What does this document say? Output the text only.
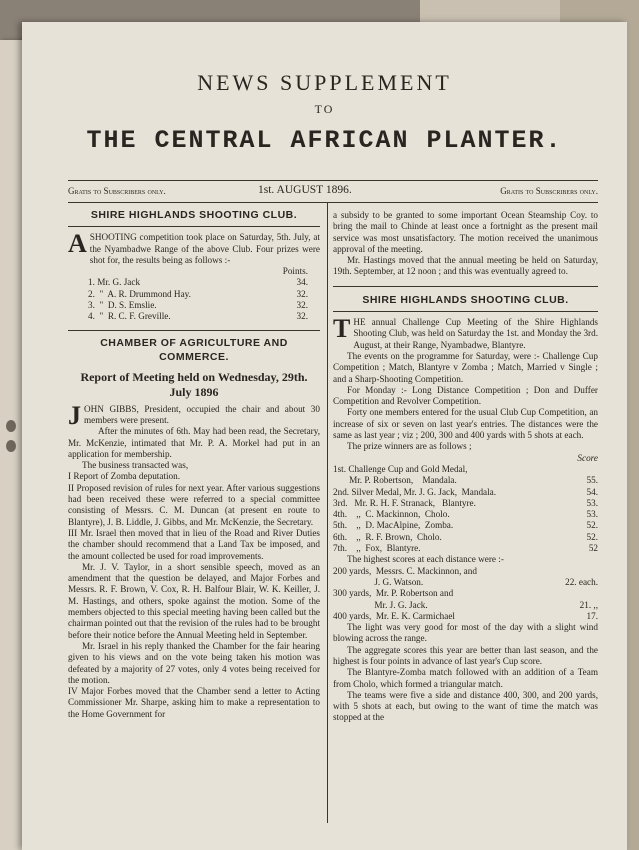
NEWS SUPPLEMENT
TO
THE CENTRAL AFRICAN PLANTER.
Gratis to Subscribers only.	1st. AUGUST 1896.	Gratis to Subscribers only.
SHIRE HIGHLANDS SHOOTING CLUB.

ASHOOTING competition took place on Saturday, 5th. July, at the Nyambadwe Range of the above Club. Four prizes were shot for, the results being as follows :-

Points.
1. Mr. G. Jack	34.
2.  "  A. R. Drummond Hay.	32.
3.  "  D. S. Emslie.	32.
4.  "  R. C. F. Greville.	32.
CHAMBER OF AGRICULTURE AND COMMERCE.
Report of Meeting held on Wednesday, 29th. July 1896

JOHN GIBBS, President, occupied the chair and about 30 members were present.

After the minutes of 6th. May had been read, the Secretary, Mr. McKenzie, intimated that Mr. P. A. Morkel had put in an application for membership.

The business transacted was,

I Report of Zomba deputation.

II Proposed revision of rules for next year. After various suggestions had been received these were referred to a special committee consisting of Messrs. C. M. Duncan (at present en route to Blantyre), J. B. Liddle, J. Gibbs, and Mr. McKenzie, the Secretary.

III Mr. Israel then moved that in lieu of the Road and River Duties the chamber should recommend that a Land Tax be imposed, and the amount collected be used for road improvements.

Mr. J. V. Taylor, in a short sensible speech, moved as an amendment that the question be delayed, and Major Forbes and Messrs. R. F. Brown, V. Cox, R. H. Balfour Blair, W. K. Keiller, J. M. Hastings, and others, spoke against the motion. Some of the members objected to this special meeting having been called but the chairman pointed out that the revision of the rules had to be brought before their notice before the Annual Meeting held in September.

Mr. Israel in his reply thanked the Chamber for the fair hearing given to his views and on the vote being taken his motion was defeated by a majority of 27 votes, only 4 votes being received for the motion.

IV Major Forbes moved that the Chamber send a letter to Acting Commissioner Mr. Sharpe, asking him to make a representation to the Home Government for

a subsidy to be granted to some important Ocean Steamship Coy. to bring the mail to Chinde at least once a fortnight as the present mail service was most unsatisfactory. The motion received the unanimous approval of the meeting.

Mr. Hastings moved that the annual meeting be held on Saturday, 19th. September, at 12 noon ; and this was eventually agreed to.

SHIRE HIGHLANDS SHOOTING CLUB.

THE annual Challenge Cup Meeting of the Shire Highlands Shooting Club, was held on Saturday the 1st. and Monday the 3rd. August, at their Range, Nyambadwe, Blantyre.

The events on the programme for Saturday, were :- Challenge Cup Competition ; Match, Blantyre v Zomba ; Match, Married v Single ; and a Sharp-Shooting Competition.

For Monday :- Long Distance Competition ; Don and Duffer Competition and Revolver Competition.

Forty one members entered for the usual Club Cup Competition, an increase of six or seven on last year's entries. The distances were the same as last year ; viz ; 200, 300 and 400 yards with 5 shots at each.

The prize winners are as follows ;

Score
1st. Challenge Cup and Gold Medal,
Mr. P. Robertson,    Mandala.	55.
2nd. Silver Medal, Mr. J. G. Jack,  Mandala.	54.
3rd.   Mr. R. H. F. Stranack,   Blantyre.	53.
4th.    ,,  C. Mackinnon,  Cholo.	53.
5th.    ,,  D. MacAlpine,  Zomba.	52.
6th.    ,,  R. F. Brown,  Cholo.	52.
7th.    ,,  Fox,  Blantyre.	52

The highest scores at each distance were :-

200 yards,  Messrs. C. Mackinnon, and
J. G. Watson.	22. each.
300 yards,  Mr. P. Robertson and
Mr. J. G. Jack.	21. ,,
400 yards,  Mr. E. K. Carmichael	17.

The light was very good for most of the day with a slight wind blowing across the range.

The aggregate scores this year are better than last season, and the highest is four points in advance of last year's Cup score.

The Blantyre-Zomba match followed with an addition of a Team from Cholo, which formed a triangular match.

The teams were five a side and distance 400, 300, and 200 yards, with 5 shots at each, but owing to the want of time the match was stopped at the
